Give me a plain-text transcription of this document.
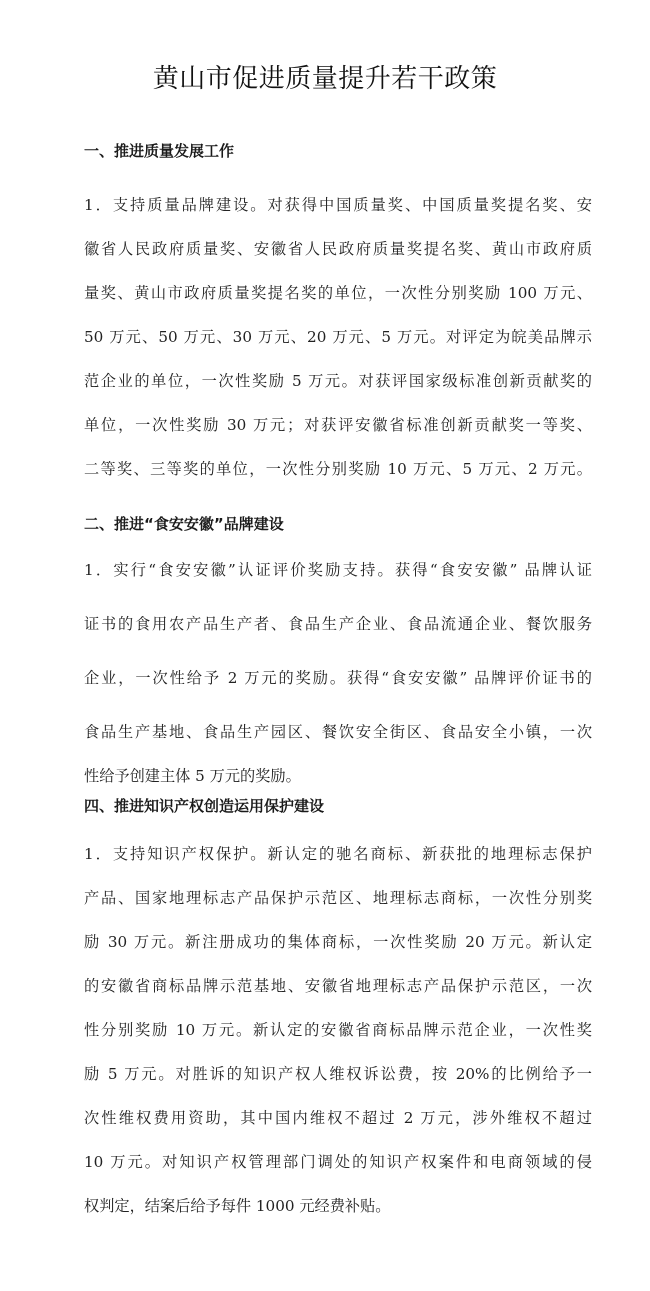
黄山市促进质量提升若干政策
一、推进质量发展工作

1．支持质量品牌建设。对获得中国质量奖、中国质量奖提名奖、安

徽省人民政府质量奖、安徽省人民政府质量奖提名奖、黄山市政府质

量奖、黄山市政府质量奖提名奖的单位，一次性分别奖励 100 万元、

50 万元、50 万元、30 万元、20 万元、5 万元。对评定为皖美品牌示

范企业的单位，一次性奖励 5 万元。对获评国家级标准创新贡献奖的

单位，一次性奖励 30 万元；对获评安徽省标准创新贡献奖一等奖、

二等奖、三等奖的单位，一次性分别奖励 10 万元、5 万元、2 万元。

二、推进“食安安徽”品牌建设

1．实行“食安安徽”认证评价奖励支持。获得“食安安徽” 品牌认证

证书的食用农产品生产者、食品生产企业、食品流通企业、餐饮服务

企业，一次性给予 2 万元的奖励。获得“食安安徽” 品牌评价证书的

食品生产基地、食品生产园区、餐饮安全街区、食品安全小镇，一次

性给予创建主体 5 万元的奖励。

四、推进知识产权创造运用保护建设

1．支持知识产权保护。新认定的驰名商标、新获批的地理标志保护

产品、国家地理标志产品保护示范区、地理标志商标，一次性分别奖

励 30 万元。新注册成功的集体商标，一次性奖励 20 万元。新认定

的安徽省商标品牌示范基地、安徽省地理标志产品保护示范区，一次

性分别奖励 10 万元。新认定的安徽省商标品牌示范企业，一次性奖

励 5 万元。对胜诉的知识产权人维权诉讼费，按 20%的比例给予一

次性维权费用资助，其中国内维权不超过 2 万元，涉外维权不超过

10 万元。对知识产权管理部门调处的知识产权案件和电商领域的侵

权判定，结案后给予每件 1000 元经费补贴。
